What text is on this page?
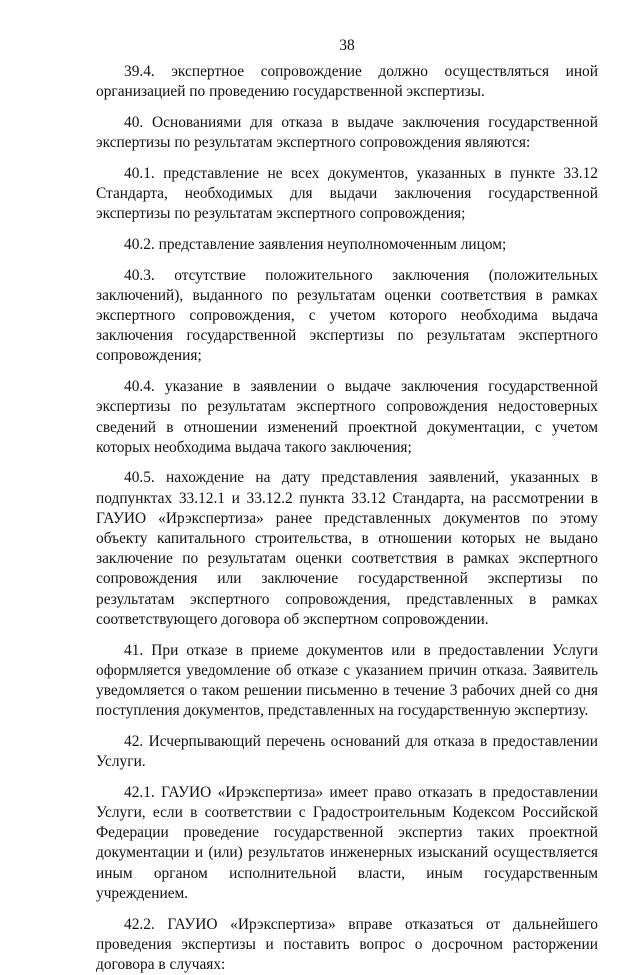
38

39.4. экспертное сопровождение должно осуществляться иной организацией по проведению государственной экспертизы.

40. Основаниями для отказа в выдаче заключения государственной экспертизы по результатам экспертного сопровождения являются:

40.1. представление не всех документов, указанных в пункте 33.12 Стандарта, необходимых для выдачи заключения государственной экспертизы по результатам экспертного сопровождения;

40.2. представление заявления неуполномоченным лицом;

40.3. отсутствие положительного заключения (положительных заключений), выданного по результатам оценки соответствия в рамках экспертного сопровождения, с учетом которого необходима выдача заключения государственной экспертизы по результатам экспертного сопровождения;

40.4. указание в заявлении о выдаче заключения государственной экспертизы по результатам экспертного сопровождения недостоверных сведений в отношении изменений проектной документации, с учетом которых необходима выдача такого заключения;

40.5. нахождение на дату представления заявлений, указанных в подпунктах 33.12.1 и 33.12.2 пункта 33.12 Стандарта, на рассмотрении в ГАУИО «Ирэкспертиза» ранее представленных документов по этому объекту капитального строительства, в отношении которых не выдано заключение по результатам оценки соответствия в рамках экспертного сопровождения или заключение государственной экспертизы по результатам экспертного сопровождения, представленных в рамках соответствующего договора об экспертном сопровождении.

41. При отказе в приеме документов или в предоставлении Услуги оформляется уведомление об отказе с указанием причин отказа. Заявитель уведомляется о таком решении письменно в течение 3 рабочих дней со дня поступления документов, представленных на государственную экспертизу.

42. Исчерпывающий перечень оснований для отказа в предоставлении Услуги.

42.1. ГАУИО «Ирэкспертиза» имеет право отказать в предоставлении Услуги, если в соответствии с Градостроительным Кодексом Российской Федерации проведение государственной экспертиз таких проектной документации и (или) результатов инженерных изысканий осуществляется иным органом исполнительной власти, иным государственным учреждением.

42.2. ГАУИО «Ирэкспертиза» вправе отказаться от дальнейшего проведения экспертизы и поставить вопрос о досрочном расторжении договора в случаях:
